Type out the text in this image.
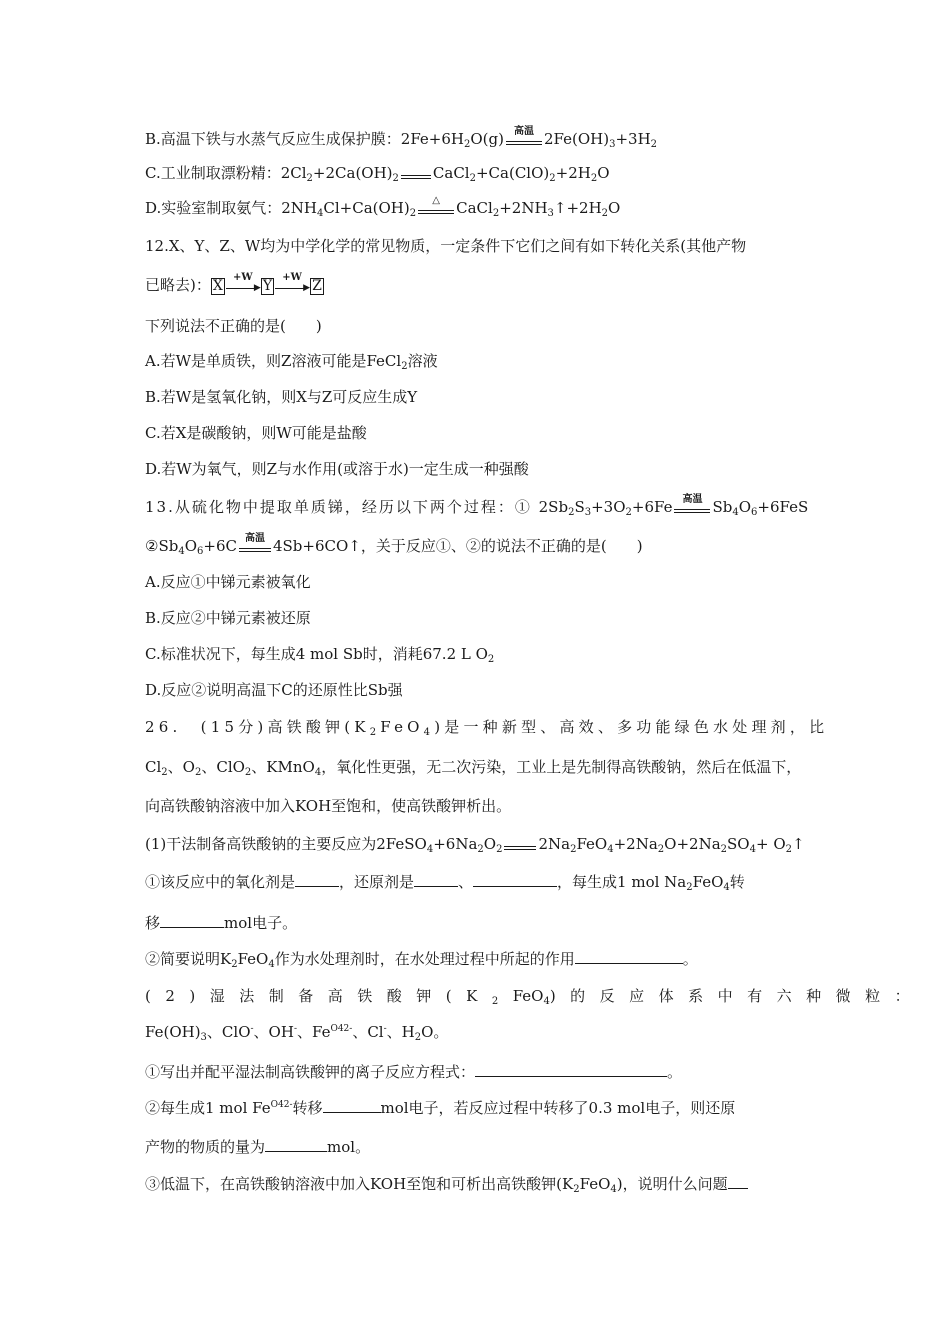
B.高温下铁与水蒸气反应生成保护膜：$2Fe+6H_2O(g)$	高温 $2Fe(OH)_3+3H_2$
C.工业制取漂粉精：$2Cl_2+2Ca(OH)_2$ $CaCl_2+Ca(ClO)_2+2H_2O$
D.实验室制取氨气：$2NH_4Cl+Ca(OH)_2$
△	$CaCl_2+2NH_3↑+2H_2O$
12.X、Y、Z、W均为中学化学的常见物质，一定条件下它们之间有如下转化关系(其他产物
已略去)： X
+W
▶ Y
+W
▶ Z
下列说法不正确的是(　　)
A.若W是单质铁，则Z溶液可能是FeCl$_2$溶液
B.若W是氢氧化钠，则X与Z可反应生成Y
C.若X是碳酸钠，则W可能是盐酸
D.若W为氧气，则Z与水作用(或溶于水)一定生成一种强酸
13.从硫化物中提取单质锑，经历以下两个过程：① $2Sb_2S_3+3O_2+6Fe$	高温 $Sb_4O_6+6FeS$
$②Sb_4O_6+6C$ 高温 4Sb+6CO↑，关于反应①、②的说法不正确的是(　　)
A.反应①中锑元素被氧化
B.反应②中锑元素被还原
C.标准状况下，每生成4 mol Sb时，消耗67.2 L $O_2$
D.反应②说明高温下C的还原性比Sb强
26.　(15分)高铁酸钾$(K_2FeO_4)$是一种新型、高效、多功能绿色水处理剂，比
$Cl_2$、$O_2$、ClO$_2$、KMnO$_4$，氧化性更强，无二次污染，工业上是先制得高铁酸钠，然后在低温下，
向高铁酸钠溶液中加入KOH至饱和，使高铁酸钾析出。
(1)干法制备高铁酸钠的主要反应为$2FeSO_4+6Na_2O_2$ $2Na_2FeO_4+2Na_2O+2Na_2SO_4+$ $O_2↑$
①该反应中的氧化剂是	，还原剂是	、	，每生成1 mol $Na_2FeO_4$转
移	mol电子。
②简要说明$K_2FeO_4$作为水处理剂时，在水处理过程中所起的作用	。
(2)湿法制备高铁酸钾$(K_2FeO_4)$的反应体系中有六种微粒：
$Fe(OH)_3$、ClO-、OH-、$Fe^{O42-}$、Cl-、$H_2O$。
①写出并配平湿法制高铁酸钾的离子反应方程式：	。
②每生成1 mol $Fe^{O42-}$转移	mol电子，若反应过程中转移了0.3 mol电子，则还原
产物的物质的量为	mol。
③低温下，在高铁酸钠溶液中加入KOH至饱和可析出高铁酸钾$(K_2FeO_4)$，说明什么问题
